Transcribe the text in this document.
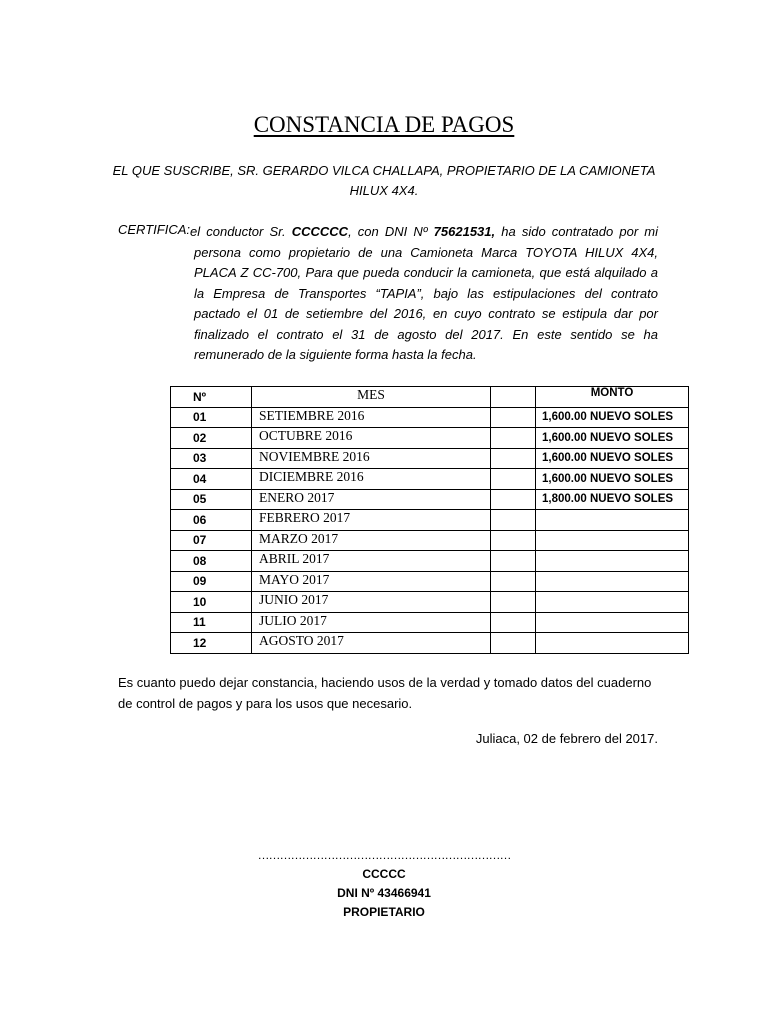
CONSTANCIA DE PAGOS
EL QUE SUSCRIBE, SR. GERARDO VILCA CHALLAPA, PROPIETARIO DE LA CAMIONETA HILUX 4X4.
CERTIFICA: el conductor Sr. CCCCCC, con DNI Nº 75621531, ha sido contratado por mi persona como propietario de una Camioneta Marca TOYOTA HILUX 4X4, PLACA Z CC-700, Para que pueda conducir la camioneta, que está alquilado a la Empresa de Transportes “TAPIA”, bajo las estipulaciones del contrato pactado el 01 de setiembre del 2016, en cuyo contrato se estipula dar por finalizado el contrato el 31 de agosto del 2017. En este sentido se ha remunerado de la siguiente forma hasta la fecha.
Nº	MES		MONTO
01	SETIEMBRE 2016		1,600.00 NUEVO SOLES
02	OCTUBRE 2016		1,600.00 NUEVO SOLES
03	NOVIEMBRE 2016		1,600.00 NUEVO SOLES
04	DICIEMBRE 2016		1,600.00 NUEVO SOLES
05	ENERO 2017		1,800.00 NUEVO SOLES
06	FEBRERO 2017		
07	MARZO 2017		
08	ABRIL 2017		
09	MAYO 2017		
10	JUNIO 2017		
11	JULIO 2017		
12	AGOSTO 2017		
Es cuanto puedo dejar constancia, haciendo usos de la verdad y tomado datos del cuaderno de control de pagos y para los usos que necesario.
Juliaca, 02 de febrero del 2017.
……………………………………………………………
CCCCC
DNI Nº 43466941
PROPIETARIO
